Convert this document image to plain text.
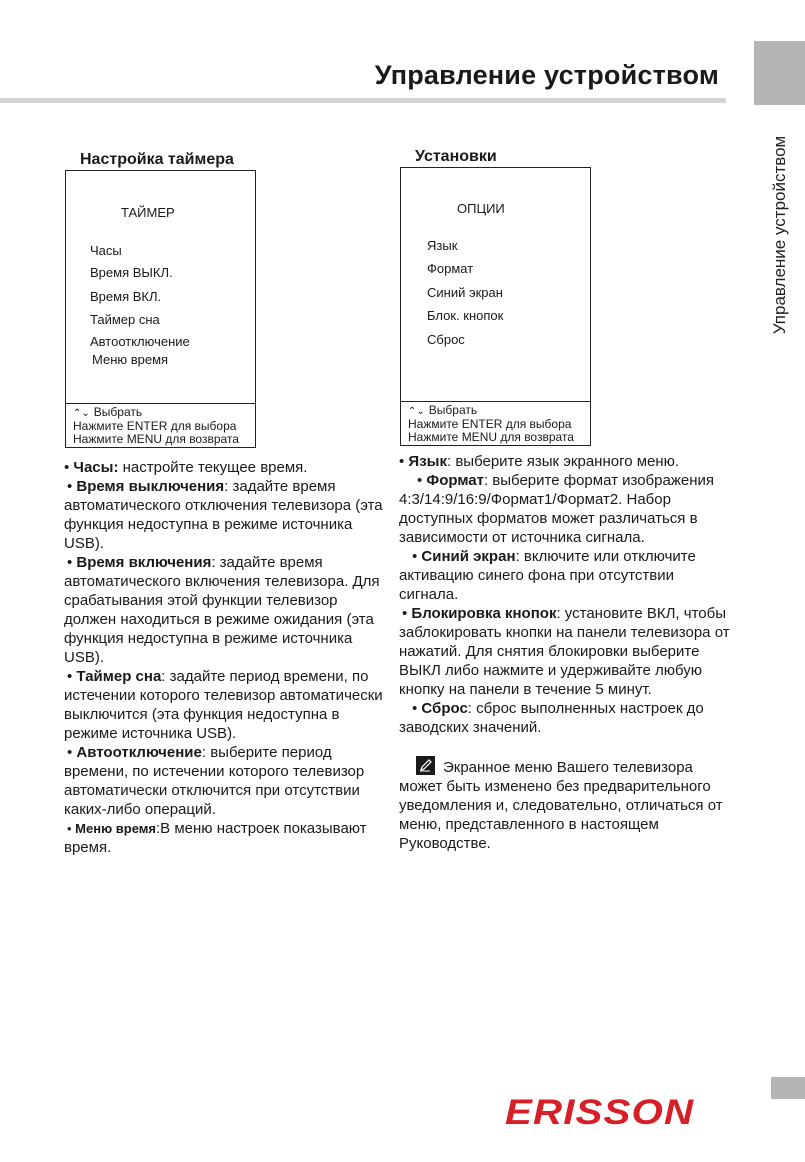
Управление устройством
Управление устройством
Настройка таймера
ТАЙМЕР
Часы
Время ВЫКЛ.
Время ВКЛ.
Таймер сна
Автоотключение
Меню время
⌃⌄ Выбрать
Нажмите ENTER для выбора
Нажмите MENU для возврата
Установки
ОПЦИИ
Язык
Формат
Синий экран
Блок. кнопок
Сброс
⌃⌄ Выбрать
Нажмите ENTER для выбора
Нажмите MENU для возврата

• Часы: настройте текущее время.

• Время выключения: задайте время автоматического отключения телевизора (эта функция недоступна в режиме источника USB).

• Время включения: задайте время автоматического включения телевизора. Для срабатывания этой функции телевизор должен находиться в режиме ожидания (эта функция недоступна в режиме источника USB).

• Таймер сна: задайте период времени, по истечении которого телевизор автоматически выключится (эта функция недоступна в режиме источника USB).

• Автоотключение: выберите период времени, по истечении которого телевизор автоматически отключится при отсутствии каких-либо операций.

• Меню время:В меню настроек показывают время.

• Язык: выберите язык экранного меню.

• Формат: выберите формат изображения 4:3/14:9/16:9/Формат1/Формат2. Набор доступных форматов может различаться в зависимости от источника сигнала.

• Синий экран: включите или отключите активацию синего фона при отсутствии сигнала.

• Блокировка кнопок: установите ВКЛ, чтобы заблокировать кнопки на панели телевизора от нажатий. Для снятия блокировки выберите ВЫКЛ либо нажмите и удерживайте любую кнопку на панели в течение 5 минут.

• Сброс: сброс выполненных настроек до заводских значений.

Экранное меню Вашего телевизора может быть изменено без предварительного уведомления и, следовательно, отличаться от меню, представленного в настоящем Руководстве.

ERISSON
